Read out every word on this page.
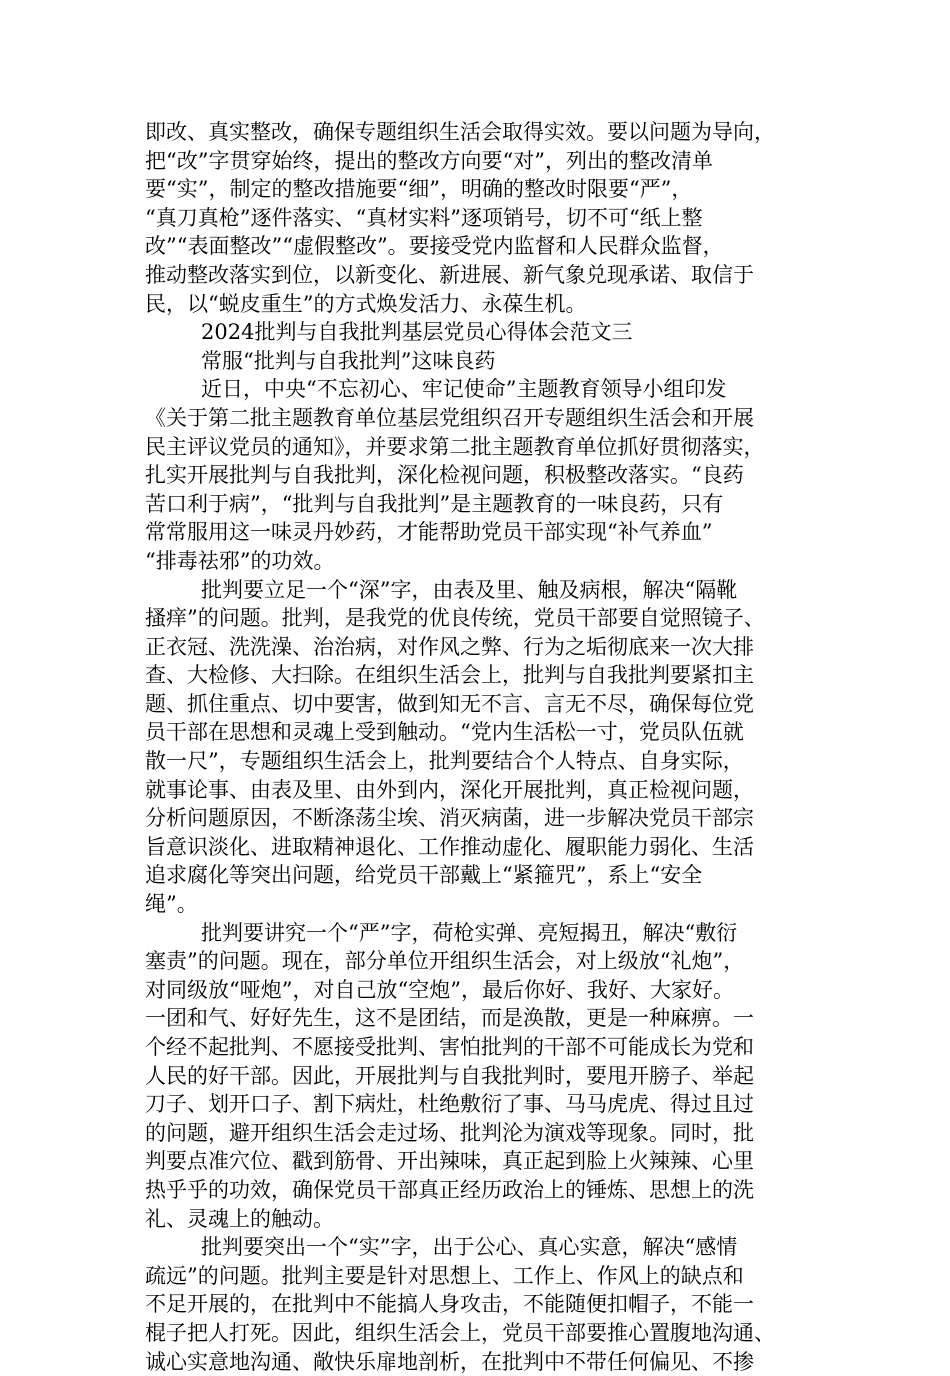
即改、真实整改，确保专题组织生活会取得实效。要以问题为导向，
把“改”字贯穿始终，提出的整改方向要“对”，列出的整改清单
要“实”，制定的整改措施要“细”，明确的整改时限要“严”，
“真刀真枪”逐件落实、“真材实料”逐项销号，切不可“纸上整
改”“表面整改”“虚假整改”。要接受党内监督和人民群众监督，
推动整改落实到位，以新变化、新进展、新气象兑现承诺、取信于
民，以“蜕皮重生”的方式焕发活力、永葆生机。
2024批判与自我批判基层党员心得体会范文三
常服“批判与自我批判”这味良药
近日，中央“不忘初心、牢记使命”主题教育领导小组印发
《关于第二批主题教育单位基层党组织召开专题组织生活会和开展
民主评议党员的通知》，并要求第二批主题教育单位抓好贯彻落实，
扎实开展批判与自我批判，深化检视问题，积极整改落实。“良药
苦口利于病”，“批判与自我批判”是主题教育的一味良药，只有
常常服用这一味灵丹妙药，才能帮助党员干部实现“补气养血”
“排毒祛邪”的功效。
批判要立足一个“深”字，由表及里、触及病根，解决“隔靴
搔痒”的问题。批判，是我党的优良传统，党员干部要自觉照镜子、
正衣冠、洗洗澡、治治病，对作风之弊、行为之垢彻底来一次大排
查、大检修、大扫除。在组织生活会上，批判与自我批判要紧扣主
题、抓住重点、切中要害，做到知无不言、言无不尽，确保每位党
员干部在思想和灵魂上受到触动。“党内生活松一寸，党员队伍就
散一尺”，专题组织生活会上，批判要结合个人特点、自身实际，
就事论事、由表及里、由外到内，深化开展批判，真正检视问题，
分析问题原因，不断涤荡尘埃、消灭病菌，进一步解决党员干部宗
旨意识淡化、进取精神退化、工作推动虚化、履职能力弱化、生活
追求腐化等突出问题，给党员干部戴上“紧箍咒”，系上“安全
绳”。
批判要讲究一个“严”字，荷枪实弹、亮短揭丑，解决“敷衍
塞责”的问题。现在，部分单位开组织生活会，对上级放“礼炮”，
对同级放“哑炮”，对自己放“空炮”，最后你好、我好、大家好。
一团和气、好好先生，这不是团结，而是涣散，更是一种麻痹。一
个经不起批判、不愿接受批判、害怕批判的干部不可能成长为党和
人民的好干部。因此，开展批判与自我批判时，要甩开膀子、举起
刀子、划开口子、割下病灶，杜绝敷衍了事、马马虎虎、得过且过
的问题，避开组织生活会走过场、批判沦为演戏等现象。同时，批
判要点准穴位、戳到筋骨、开出辣味，真正起到脸上火辣辣、心里
热乎乎的功效，确保党员干部真正经历政治上的锤炼、思想上的洗
礼、灵魂上的触动。
批判要突出一个“实”字，出于公心、真心实意，解决“感情
疏远”的问题。批判主要是针对思想上、工作上、作风上的缺点和
不足开展的，在批判中不能搞人身攻击，不能随便扣帽子，不能一
棍子把人打死。因此，组织生活会上，党员干部要推心置腹地沟通、
诚心实意地沟通、敞快乐扉地剖析，在批判中不带任何偏见、不掺
